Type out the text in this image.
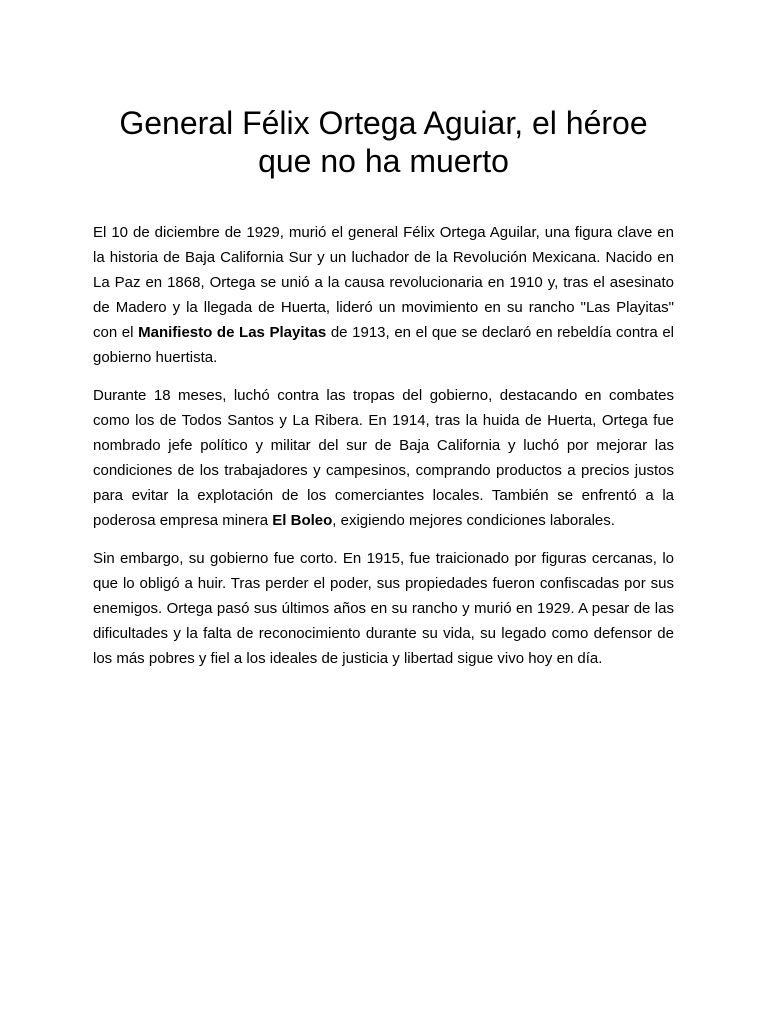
General Félix Ortega Aguiar, el héroe que no ha muerto

El 10 de diciembre de 1929, murió el general Félix Ortega Aguilar, una figura clave en la historia de Baja California Sur y un luchador de la Revolución Mexicana. Nacido en La Paz en 1868, Ortega se unió a la causa revolucionaria en 1910 y, tras el asesinato de Madero y la llegada de Huerta, lideró un movimiento en su rancho "Las Playitas" con el Manifiesto de Las Playitas de 1913, en el que se declaró en rebeldía contra el gobierno huertista.

Durante 18 meses, luchó contra las tropas del gobierno, destacando en combates como los de Todos Santos y La Ribera. En 1914, tras la huida de Huerta, Ortega fue nombrado jefe político y militar del sur de Baja California y luchó por mejorar las condiciones de los trabajadores y campesinos, comprando productos a precios justos para evitar la explotación de los comerciantes locales. También se enfrentó a la poderosa empresa minera El Boleo, exigiendo mejores condiciones laborales.

Sin embargo, su gobierno fue corto. En 1915, fue traicionado por figuras cercanas, lo que lo obligó a huir. Tras perder el poder, sus propiedades fueron confiscadas por sus enemigos. Ortega pasó sus últimos años en su rancho y murió en 1929. A pesar de las dificultades y la falta de reconocimiento durante su vida, su legado como defensor de los más pobres y fiel a los ideales de justicia y libertad sigue vivo hoy en día.
